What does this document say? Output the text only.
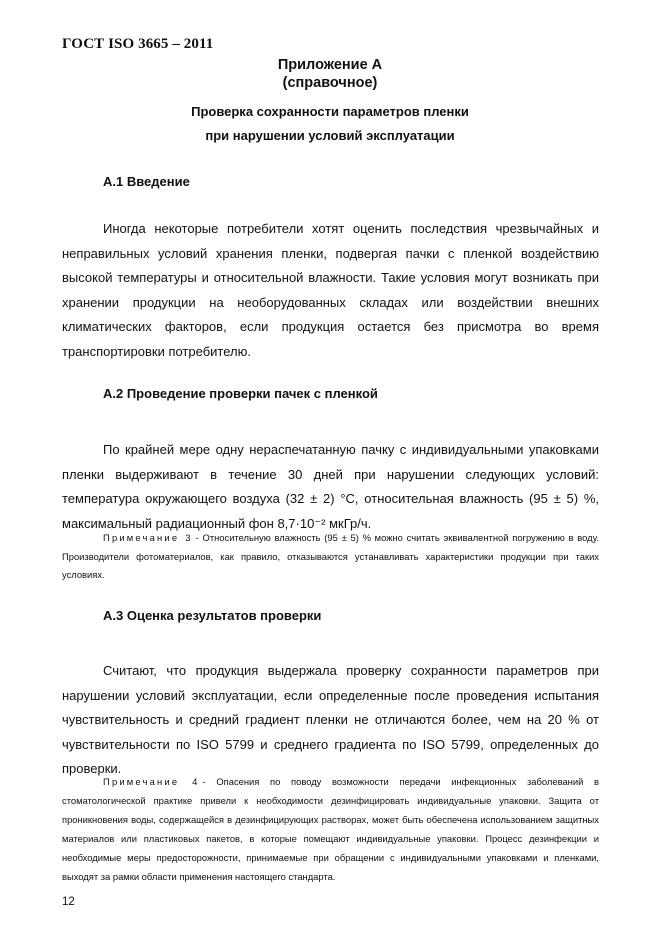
ГОСТ ISO 3665 – 2011
Приложение А
(справочное)
Проверка сохранности параметров пленки
при нарушении условий эксплуатации
А.1 Введение

Иногда некоторые потребители хотят оценить последствия чрезвычайных и неправильных условий хранения пленки, подвергая пачки с пленкой воздействию высокой температуры и относительной влажности. Такие условия могут возникать при хранении продукции на необорудованных складах или воздействии внешних климатических факторов, если продукция остается без присмотра во время транспортировки потребителю.

А.2 Проведение проверки пачек с пленкой

По крайней мере одну нераспечатанную пачку с индивидуальными упаковками пленки выдерживают в течение 30 дней при нарушении следующих условий: температура окружающего воздуха (32 ± 2) °С, относительная влажность (95 ± 5) %, максимальный радиационный фон 8,7·10⁻² мкГр/ч.

Примечание 3 - Относительную влажность (95 ± 5) % можно считать эквивалентной погружению в воду. Производители фотоматериалов, как правило, отказываются устанавливать характеристики продукции при таких условиях.

А.3 Оценка результатов проверки

Считают, что продукция выдержала проверку сохранности параметров при нарушении условий эксплуатации, если определенные после проведения испытания чувствительность и средний градиент пленки не отличаются более, чем на 20 % от чувствительности по ISO 5799 и среднего градиента по ISO 5799, определенных до проверки.

Примечание 4 - Опасения по поводу возможности передачи инфекционных заболеваний в стоматологической практике привели к необходимости дезинфицировать индивидуальные упаковки. Защита от проникновения воды, содержащейся в дезинфицирующих растворах, может быть обеспечена использованием защитных материалов или пластиковых пакетов, в которые помещают индивидуальные упаковки. Процесс дезинфекции и необходимые меры предосторожности, принимаемые при обращении с индивидуальными упаковками и пленками, выходят за рамки области применения настоящего стандарта.

12
